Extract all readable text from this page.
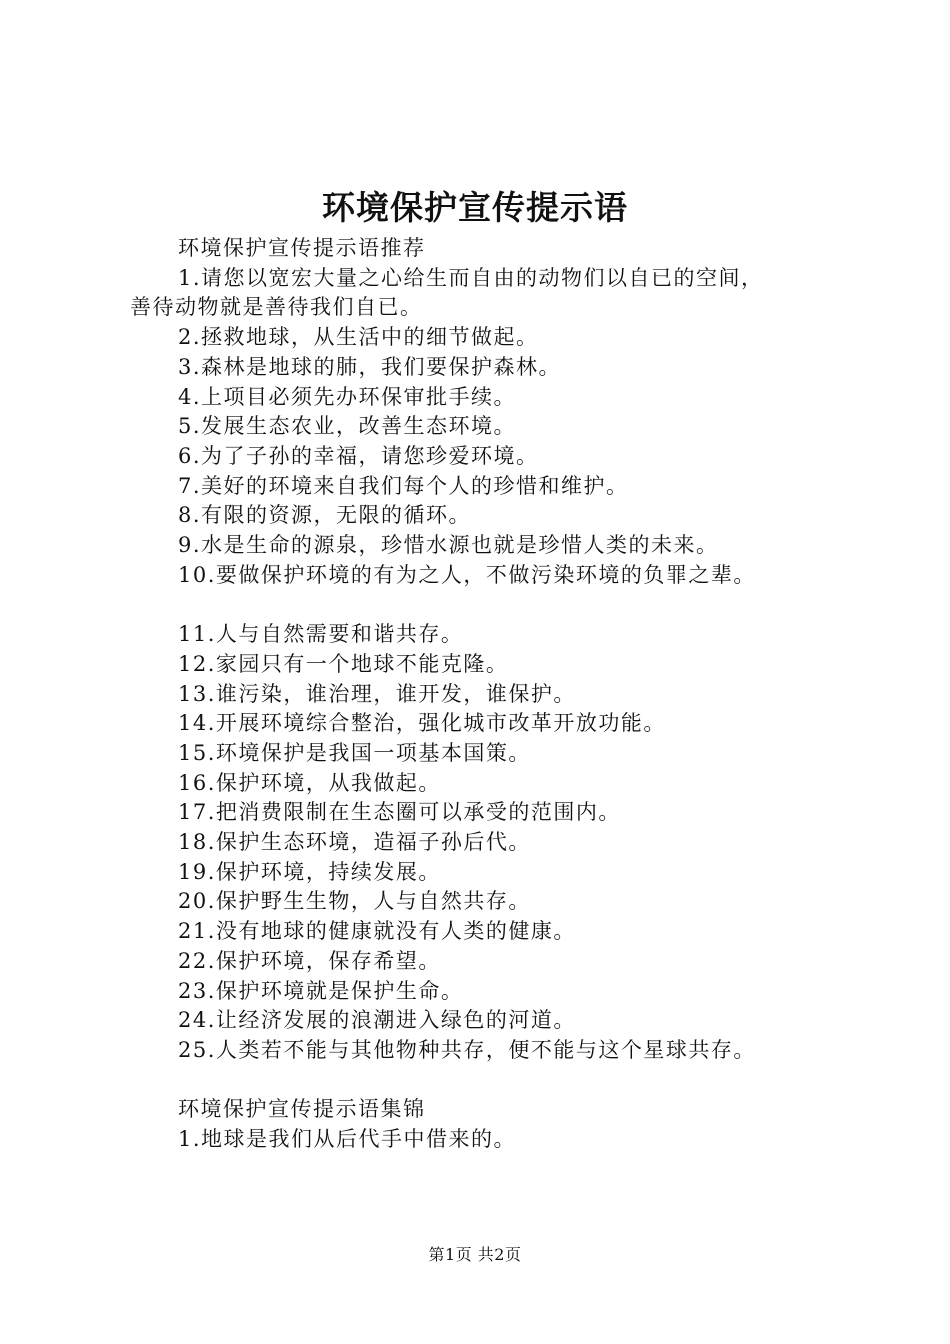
环境保护宣传提示语

环境保护宣传提示语推荐

1.请您以宽宏大量之心给生而自由的动物们以自已的空间，

善待动物就是善待我们自已。

2.拯救地球，从生活中的细节做起。

3.森林是地球的肺，我们要保护森林。

4.上项目必须先办环保审批手续。

5.发展生态农业，改善生态环境。

6.为了子孙的幸福，请您珍爱环境。

7.美好的环境来自我们每个人的珍惜和维护。

8.有限的资源，无限的循环。

9.水是生命的源泉，珍惜水源也就是珍惜人类的未来。

10.要做保护环境的有为之人，不做污染环境的负罪之辈。

11.人与自然需要和谐共存。

12.家园只有一个地球不能克隆。

13.谁污染，谁治理，谁开发，谁保护。

14.开展环境综合整治，强化城市改革开放功能。

15.环境保护是我国一项基本国策。

16.保护环境，从我做起。

17.把消费限制在生态圈可以承受的范围内。

18.保护生态环境，造福子孙后代。

19.保护环境，持续发展。

20.保护野生生物，人与自然共存。

21.没有地球的健康就没有人类的健康。

22.保护环境，保存希望。

23.保护环境就是保护生命。

24.让经济发展的浪潮进入绿色的河道。

25.人类若不能与其他物种共存，便不能与这个星球共存。

环境保护宣传提示语集锦

1.地球是我们从后代手中借来的。

第1页 共2页
